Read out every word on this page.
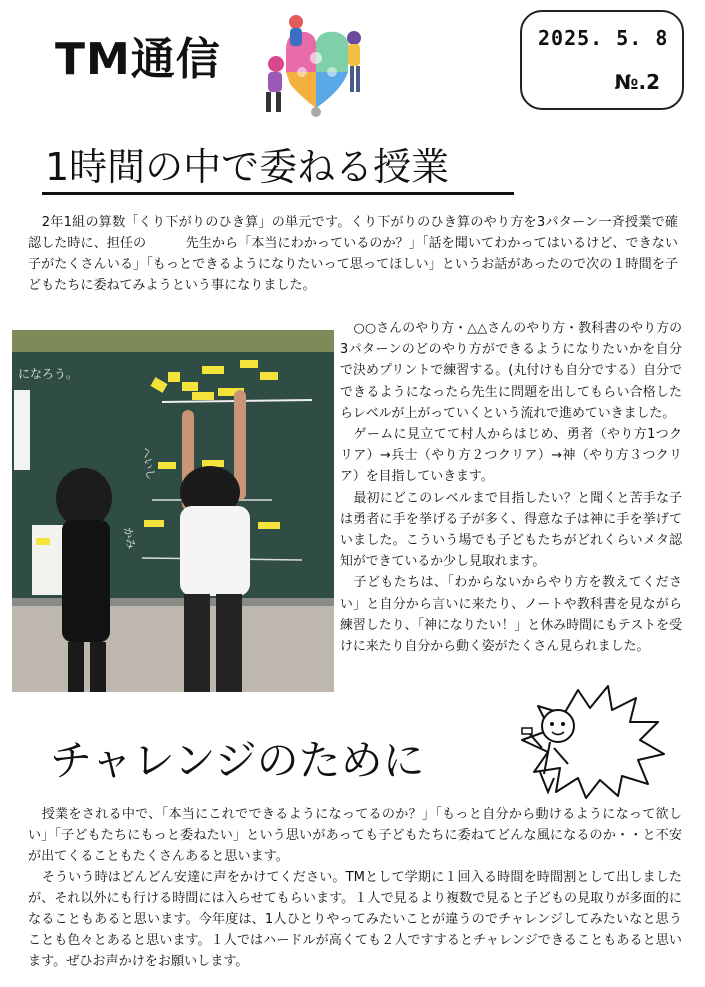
TM通信	2025. 5. 8
№.2
1時間の中で委ねる授業

2年1組の算数「くり下がりのひき算」の単元です。くり下がりのひき算のやり方を3パターン一斉授業で確認した時に、担任の　　　先生から「本当にわかっているのか？」「話を聞いてわかってはいるけど、できない子がたくさんいる」「もっとできるようになりたいって思ってほしい」というお話があったので次の１時間を子どもたちに委ねてみようという事になりました。

になろう。
へいし
かみ

○○さんのやり方・△△さんのやり方・教科書のやり方の3パターンのどのやり方ができるようになりたいかを自分で決めプリントで練習する。(丸付けも自分でする）自分でできるようになったら先生に問題を出してもらい合格したらレベルが上がっていくという流れで進めていきました。

ゲームに見立てて村人からはじめ、勇者（やり方1つクリア）→兵士（やり方２つクリア）→神（やり方３つクリア）を目指していきます。

最初にどこのレベルまで目指したい？と聞くと苦手な子は勇者に手を挙げる子が多く、得意な子は神に手を挙げていました。こういう場でも子どもたちがどれくらいメタ認知ができているか少し見取れます。

子どもたちは、「わからないからやり方を教えてください」と自分から言いに来たり、ノートや教科書を見ながら練習したり、「神になりたい！」と休み時間にもテストを受けに来たり自分から動く姿がたくさん見られました。

チャレンジのために

授業をされる中で、「本当にこれでできるようになってるのか？」「もっと自分から動けるようになって欲しい」「子どもたちにもっと委ねたい」という思いがあっても子どもたちに委ねてどんな風になるのか・・と不安が出てくることもたくさんあると思います。

そういう時はどんどん安達に声をかけてください。TMとして学期に１回入る時間を時間割として出しましたが、それ以外にも行ける時間には入らせてもらいます。１人で見るより複数で見ると子どもの見取りが多面的になることもあると思います。今年度は、1人ひとりやってみたいことが違うのでチャレンジしてみたいなと思うことも色々とあると思います。１人ではハードルが高くても２人ですするとチャレンジできることもあると思います。ぜひお声かけをお願いします。
